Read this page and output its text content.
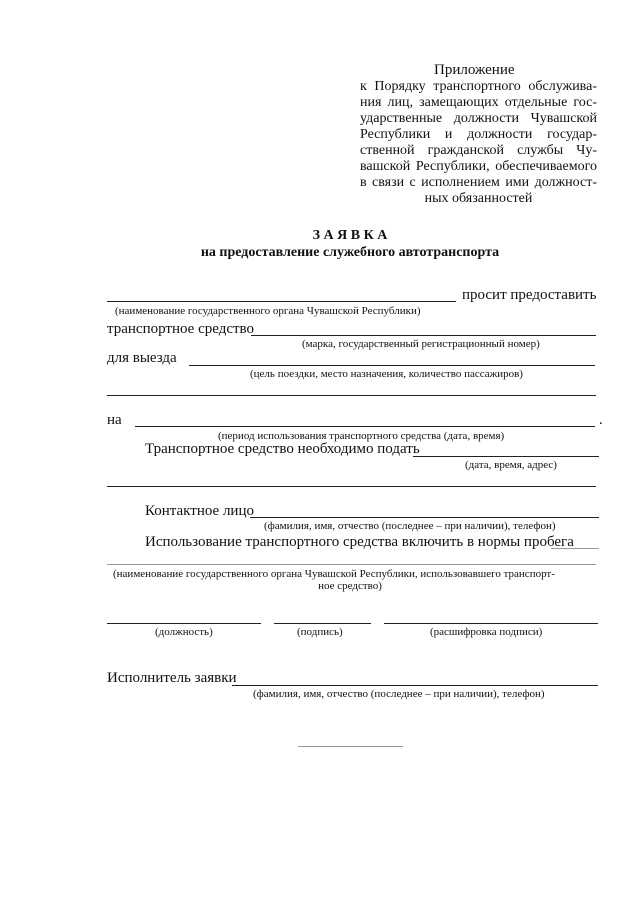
Приложение
к Порядку транспортного обслужива-
ния лиц, замещающих отдельные гос-
ударственные должности Чувашской
Республики и должности государ-
ственной гражданской службы Чу-
вашской Республики, обеспечиваемого
в связи с исполнением ими должност-
ных обязанностей
З А Я В К А
на предоставление служебного автотранспорта
просит предоставить
(наименование государственного органа Чувашской Республики)
транспортное средство
(марка, государственный регистрационный номер)
для выезда
(цель поездки, место назначения, количество пассажиров)
на	.
(период использования транспортного средства (дата, время)
Транспортное средство необходимо подать
(дата, время, адрес)
Контактное лицо
(фамилия, имя, отчество (последнее – при наличии), телефон)
Использование транспортного средства включить в нормы пробега
(наименование государственного органа Чувашской Республики, использовавшего транспорт-
ное средство)
(должность)	(подпись)	(расшифровка подписи)
Исполнитель заявки
(фамилия, имя, отчество (последнее – при наличии), телефон)
